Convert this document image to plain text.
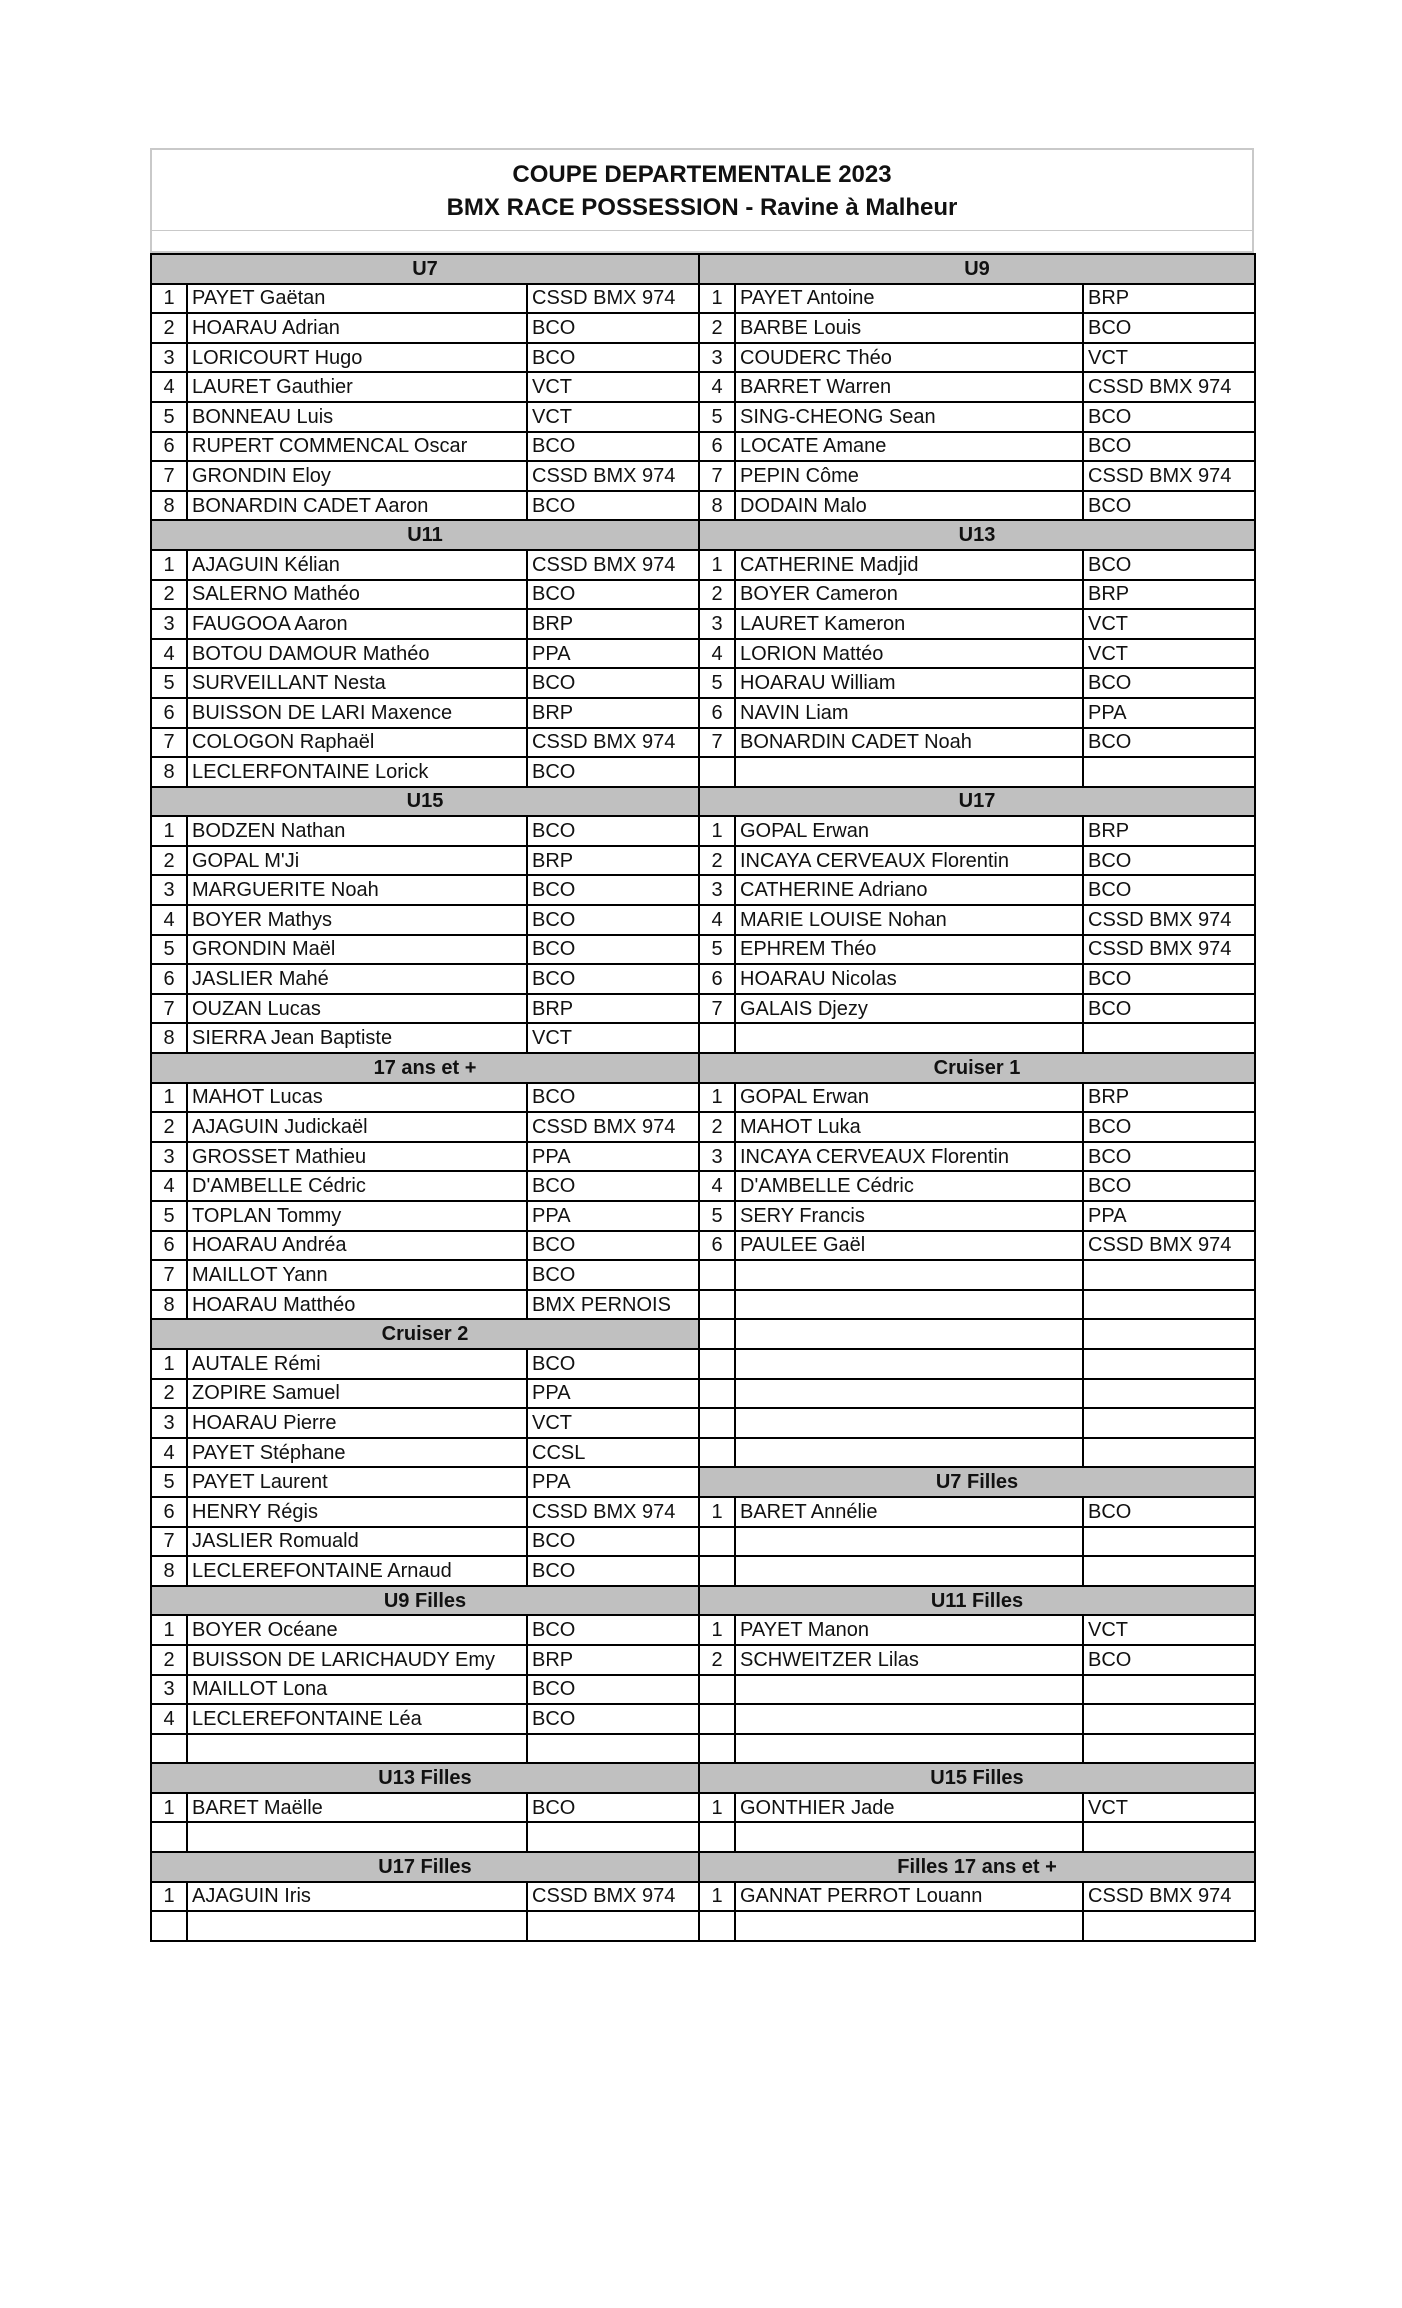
COUPE DEPARTEMENTALE 2023
BMX RACE POSSESSION - Ravine à Malheur
U7			U9		
1	PAYET Gaëtan	CSSD BMX 974	1	PAYET Antoine	BRP
2	HOARAU Adrian	BCO	2	BARBE Louis	BCO
3	LORICOURT Hugo	BCO	3	COUDERC Théo	VCT
4	LAURET Gauthier	VCT	4	BARRET Warren	CSSD BMX 974
5	BONNEAU Luis	VCT	5	SING-CHEONG Sean	BCO
6	RUPERT COMMENCAL Oscar	BCO	6	LOCATE Amane	BCO
7	GRONDIN Eloy	CSSD BMX 974	7	PEPIN Côme	CSSD BMX 974
8	BONARDIN CADET Aaron	BCO	8	DODAIN Malo	BCO
U11			U13		
1	AJAGUIN Kélian	CSSD BMX 974	1	CATHERINE Madjid	BCO
2	SALERNO Mathéo	BCO	2	BOYER Cameron	BRP
3	FAUGOOA Aaron	BRP	3	LAURET Kameron	VCT
4	BOTOU DAMOUR Mathéo	PPA	4	LORION Mattéo	VCT
5	SURVEILLANT Nesta	BCO	5	HOARAU William	BCO
6	BUISSON DE LARI Maxence	BRP	6	NAVIN Liam	PPA
7	COLOGON Raphaël	CSSD BMX 974	7	BONARDIN CADET Noah	BCO
8	LECLERFONTAINE Lorick	BCO			
U15			U17		
1	BODZEN Nathan	BCO	1	GOPAL Erwan	BRP
2	GOPAL M'Ji	BRP	2	INCAYA CERVEAUX Florentin	BCO
3	MARGUERITE Noah	BCO	3	CATHERINE Adriano	BCO
4	BOYER Mathys	BCO	4	MARIE LOUISE Nohan	CSSD BMX 974
5	GRONDIN Maël	BCO	5	EPHREM Théo	CSSD BMX 974
6	JASLIER Mahé	BCO	6	HOARAU Nicolas	BCO
7	OUZAN Lucas	BRP	7	GALAIS Djezy	BCO
8	SIERRA Jean Baptiste	VCT			
17 ans et +			Cruiser 1		
1	MAHOT Lucas	BCO	1	GOPAL Erwan	BRP
2	AJAGUIN Judickaël	CSSD BMX 974	2	MAHOT Luka	BCO
3	GROSSET Mathieu	PPA	3	INCAYA CERVEAUX Florentin	BCO
4	D'AMBELLE Cédric	BCO	4	D'AMBELLE Cédric	BCO
5	TOPLAN Tommy	PPA	5	SERY Francis	PPA
6	HOARAU Andréa	BCO	6	PAULEE Gaël	CSSD BMX 974
7	MAILLOT Yann	BCO			
8	HOARAU Matthéo	BMX PERNOIS			
Cruiser 2					
1	AUTALE Rémi	BCO			
2	ZOPIRE Samuel	PPA			
3	HOARAU Pierre	VCT			
4	PAYET Stéphane	CCSL			
5	PAYET Laurent	PPA	U7 Filles		
6	HENRY Régis	CSSD BMX 974	1	BARET Annélie	BCO
7	JASLIER Romuald	BCO			
8	LECLEREFONTAINE Arnaud	BCO			
U9 Filles			U11 Filles		
1	BOYER Océane	BCO	1	PAYET Manon	VCT
2	BUISSON DE LARICHAUDY Emy	BRP	2	SCHWEITZER Lilas	BCO
3	MAILLOT Lona	BCO			
4	LECLEREFONTAINE Léa	BCO			

U13 Filles			U15 Filles		
1	BARET Maëlle	BCO	1	GONTHIER Jade	VCT

U17 Filles			Filles 17 ans et +		
1	AJAGUIN Iris	CSSD BMX 974	1	GANNAT PERROT Louann	CSSD BMX 974
